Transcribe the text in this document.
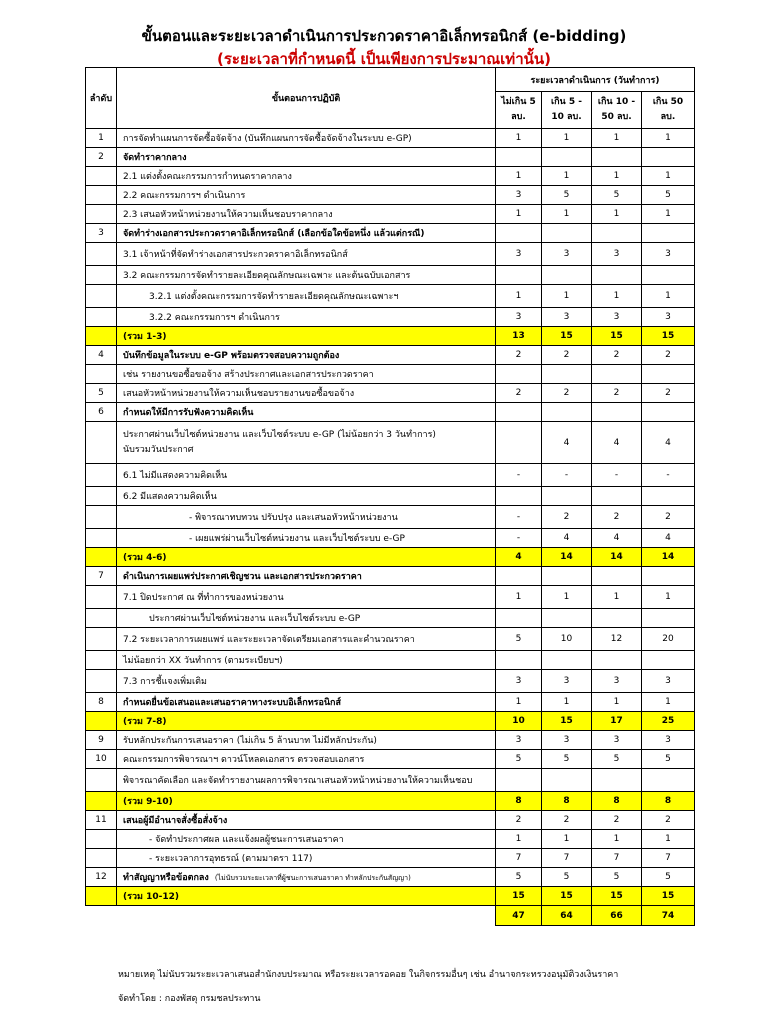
ขั้นตอนและระยะเวลาดำเนินการประกวดราคาอิเล็กทรอนิกส์ (e-bidding)
(ระยะเวลาที่กำหนดนี้ เป็นเพียงการประมาณเท่านั้น)
ลำดับ	ขั้นตอนการปฏิบัติ	ระยะเวลาดำเนินการ (วันทำการ)			
		ไม่เกิน 5 ลบ.	เกิน 5 - 10 ลบ.	เกิน 10 - 50 ลบ.	เกิน 50 ลบ.
1	การจัดทำแผนการจัดซื้อจัดจ้าง (บันทึกแผนการจัดซื้อจัดจ้างในระบบ e-GP)	1	1	1	1
2	จัดทำราคากลาง				
	2.1 แต่งตั้งคณะกรรมการกำหนดราคากลาง	1	1	1	1
	2.2 คณะกรรมการฯ ดำเนินการ	3	5	5	5
	2.3 เสนอหัวหน้าหน่วยงานให้ความเห็นชอบราคากลาง	1	1	1	1
3	จัดทำร่างเอกสารประกวดราคาอิเล็กทรอนิกส์ (เลือกข้อใดข้อหนึ่ง แล้วแต่กรณี)				
	3.1 เจ้าหน้าที่จัดทำร่างเอกสารประกวดราคาอิเล็กทรอนิกส์	3	3	3	3
	3.2 คณะกรรมการจัดทำรายละเอียดคุณลักษณะเฉพาะ และต้นฉบับเอกสาร				
	3.2.1 แต่งตั้งคณะกรรมการจัดทำรายละเอียดคุณลักษณะเฉพาะฯ	1	1	1	1
	3.2.2 คณะกรรมการฯ ดำเนินการ	3	3	3	3
	(รวม 1-3)	13	15	15	15
4	บันทึกข้อมูลในระบบ e-GP พร้อมตรวจสอบความถูกต้อง	2	2	2	2
	เช่น รายงานขอซื้อขอจ้าง สร้างประกาศและเอกสารประกวดราคา				
5	เสนอหัวหน้าหน่วยงานให้ความเห็นชอบรายงานขอซื้อขอจ้าง	2	2	2	2
6	กำหนดให้มีการรับฟังความคิดเห็น				

	ประกาศผ่านเว็บไซต์หน่วยงาน และเว็บไซต์ระบบ e-GP (ไม่น้อยกว่า 3 วันทำการ)
นับรวมวันประกาศ		4	4	4
	6.1 ไม่มีแสดงความคิดเห็น	-	-	-	-
	6.2 มีแสดงความคิดเห็น				
	- พิจารณาทบทวน ปรับปรุง และเสนอหัวหน้าหน่วยงาน	-	2	2	2
	- เผยแพร่ผ่านเว็บไซต์หน่วยงาน และเว็บไซต์ระบบ e-GP	-	4	4	4
	(รวม 4-6)	4	14	14	14
7	ดำเนินการเผยแพร่ประกาศเชิญชวน และเอกสารประกวดราคา				
	7.1 ปิดประกาศ ณ ที่ทำการของหน่วยงาน	1	1	1	1
	ประกาศผ่านเว็บไซต์หน่วยงาน และเว็บไซต์ระบบ e-GP				
	7.2 ระยะเวลาการเผยแพร่ และระยะเวลาจัดเตรียมเอกสารและคำนวณราคา	5	10	12	20
	ไม่น้อยกว่า XX วันทำการ (ตามระเบียบฯ)				
	7.3 การชี้แจงเพิ่มเติม	3	3	3	3
8	กำหนดยื่นข้อเสนอและเสนอราคาทางระบบอิเล็กทรอนิกส์	1	1	1	1
	(รวม 7-8)	10	15	17	25
9	รับหลักประกันการเสนอราคา (ไม่เกิน 5 ล้านบาท ไม่มีหลักประกัน)	3	3	3	3
10	คณะกรรมการพิจารณาฯ ดาวน์โหลดเอกสาร ตรวจสอบเอกสาร	5	5	5	5
	พิจารณาคัดเลือก และจัดทำรายงานผลการพิจารณาเสนอหัวหน้าหน่วยงานให้ความเห็นชอบ				
	(รวม 9-10)	8	8	8	8
11	เสนอผู้มีอำนาจสั่งซื้อสั่งจ้าง	2	2	2	2
	- จัดทำประกาศผล และแจ้งผลผู้ชนะการเสนอราคา	1	1	1	1
	- ระยะเวลาการอุทธรณ์ (ตามมาตรา 117)	7	7	7	7
12	ทำสัญญาหรือข้อตกลง (ไม่นับรวมระยะเวลาที่ผู้ชนะการเสนอราคา ทำหลักประกันสัญญา)	5	5	5	5
	(รวม 10-12)	15	15	15	15
		47	64	66	74
หมายเหตุ ไม่นับรวมระยะเวลาเสนอสำนักงบประมาณ หรือระยะเวลารอคอย ในกิจกรรมอื่นๆ เช่น อำนาจกระทรวงอนุมัติวงเงินราคา
จัดทำโดย : กองพัสดุ กรมชลประทาน
